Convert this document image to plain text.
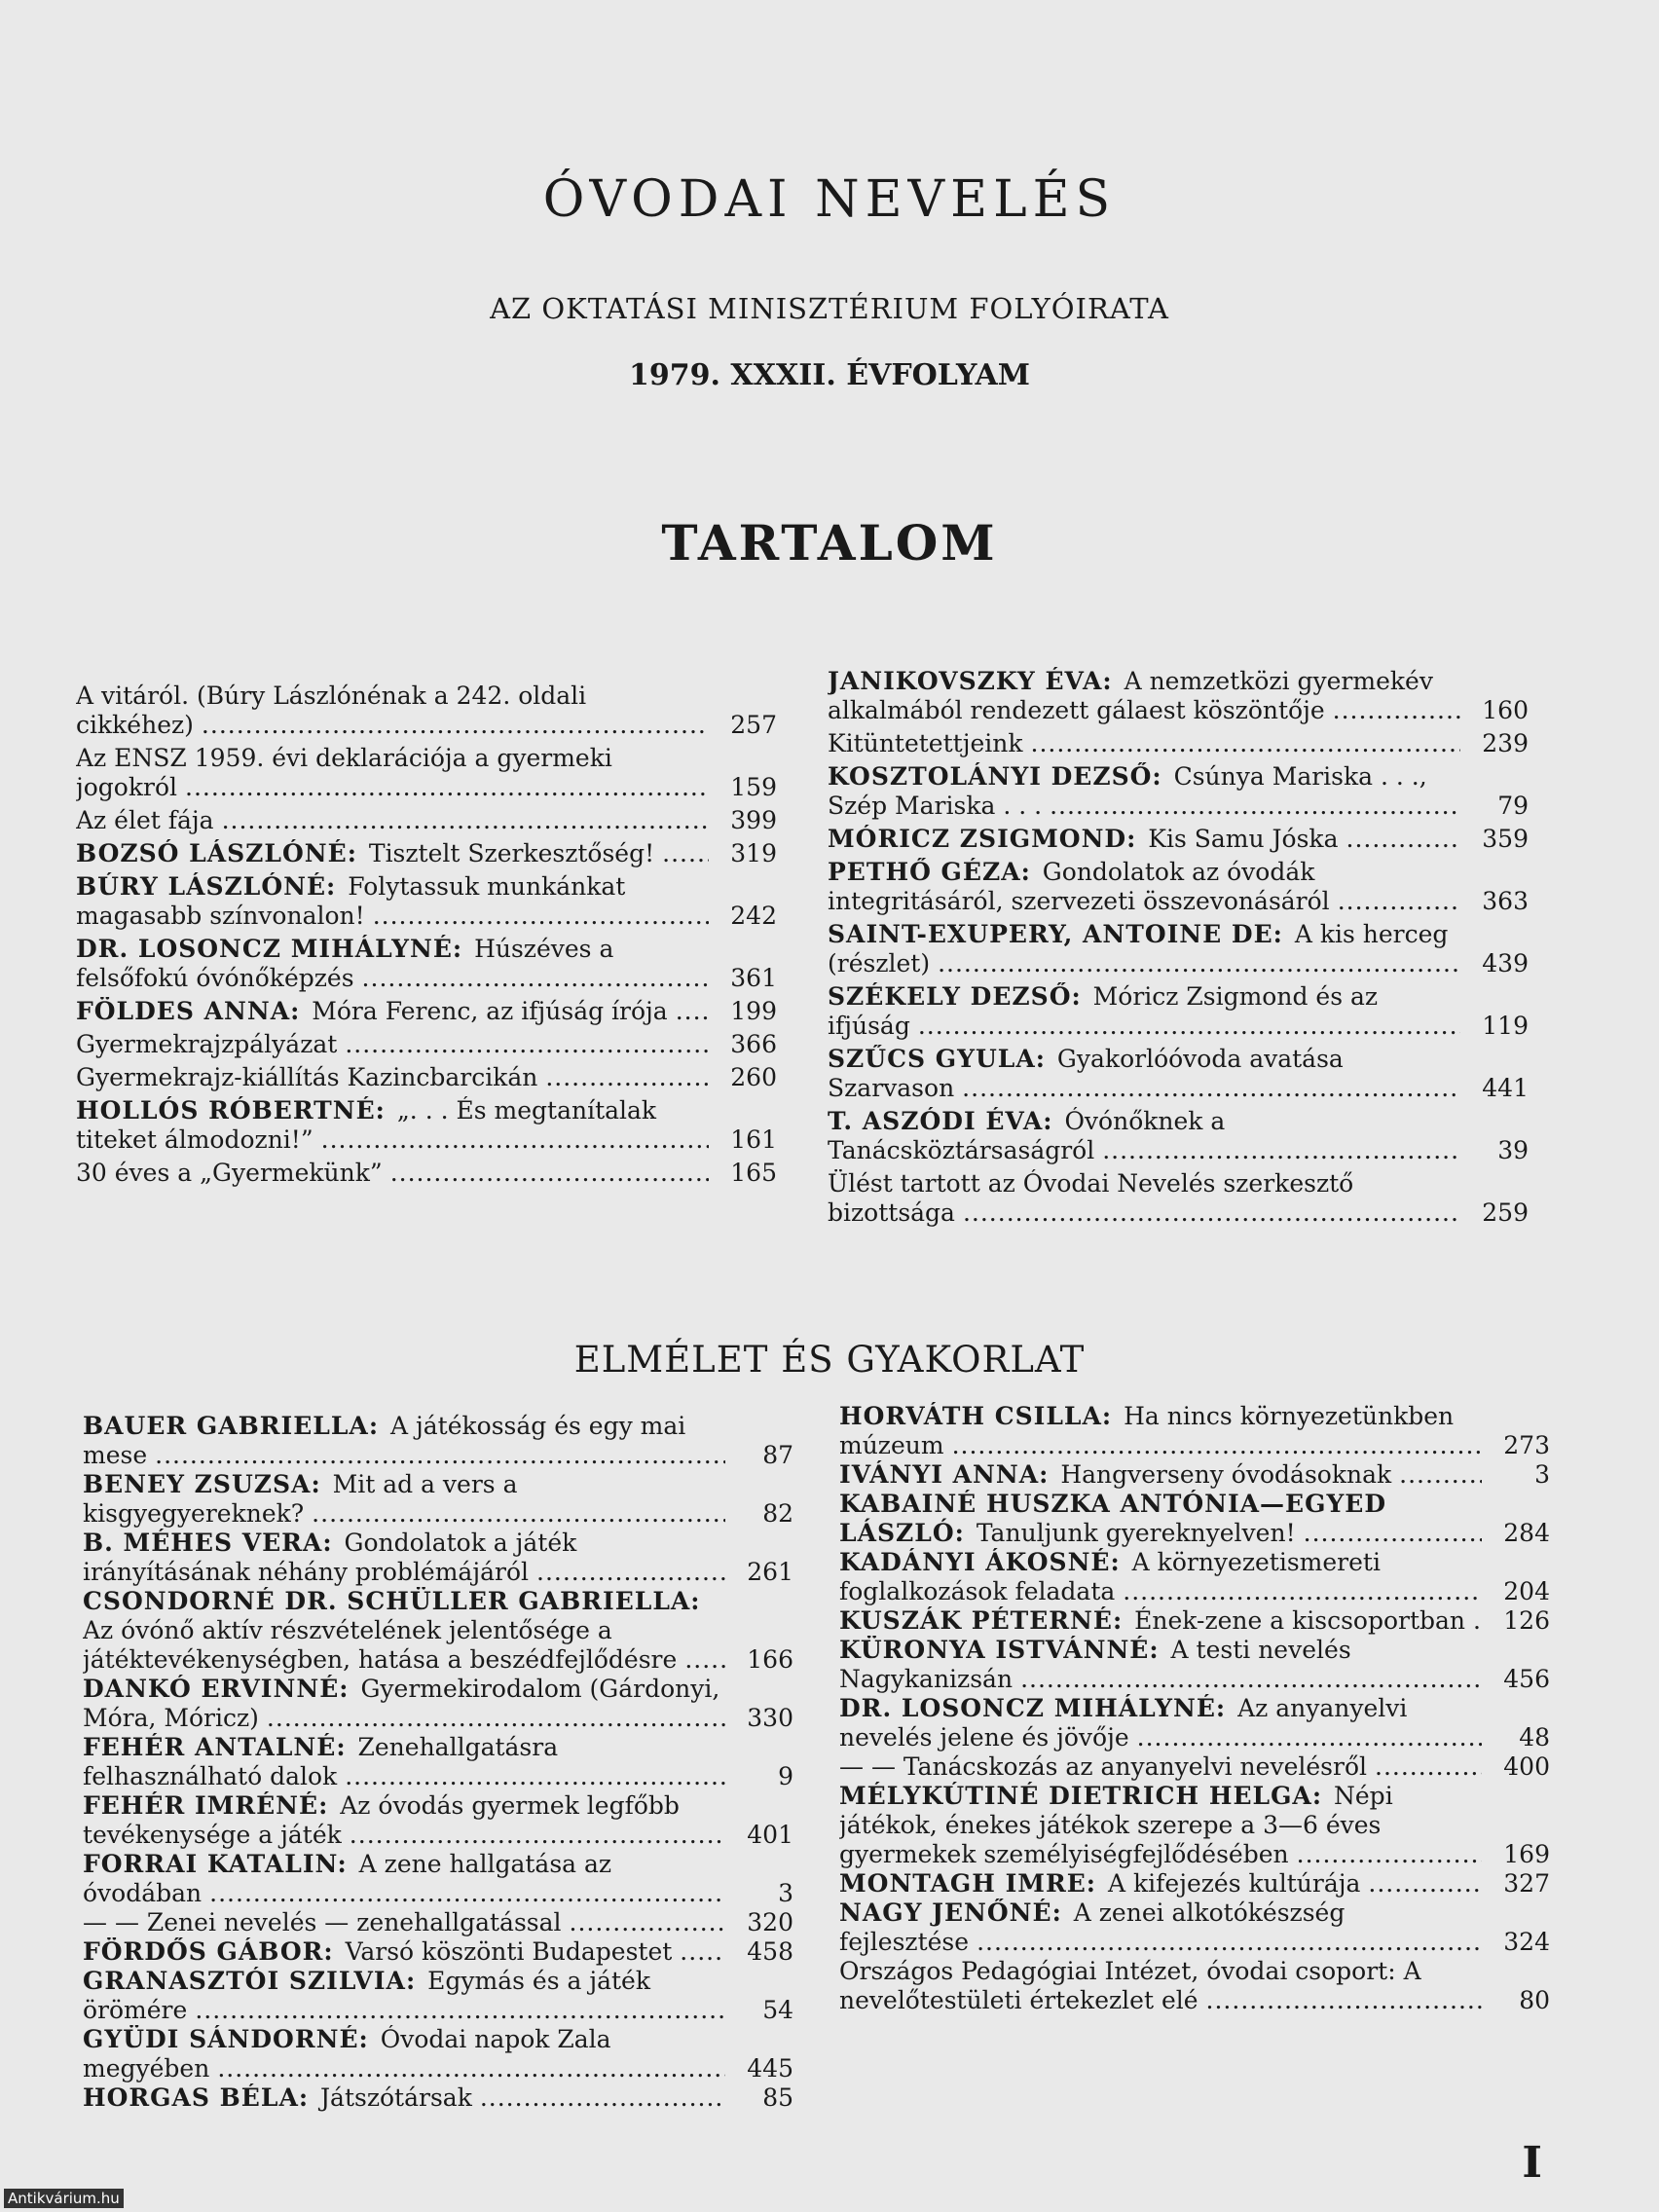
ÓVODAI NEVELÉS
AZ OKTATÁSI MINISZTÉRIUM FOLYÓIRATA
1979. XXXII. ÉVFOLYAM
TARTALOM
A vitáról. (Búry Lászlónénak a 242. oldali cikkéhez) .....	257
Az ENSZ 1959. évi deklarációja a gyermeki jogokról .....	159
Az élet fája .....	399
BOZSÓ LÁSZLÓNÉ: Tisztelt Szerkesztőség! .....	319
BÚRY LÁSZLÓNÉ: Folytassuk munkánkat magasabb színvonalon! .....	242
DR. LOSONCZ MIHÁLYNÉ: Húszéves a felsőfokú óvónőképzés .....	361
FÖLDES ANNA: Móra Ferenc, az ifjúság írója .....	199
Gyermekrajzpályázat .....	366
Gyermekrajz-kiállítás Kazincbarcikán .....	260
HOLLÓS RÓBERTNÉ: „. . . És megtanítalak titeket álmodozni!” .....	161
30 éves a „Gyermekünk” .....	165
JANIKOVSZKY ÉVA: A nemzetközi gyermekév alkalmából rendezett gálaest köszöntője .....	160
Kitüntetettjeink .....	239
KOSZTOLÁNYI DEZSŐ: Csúnya Mariska . . ., Szép Mariska . . . .....	79
MÓRICZ ZSIGMOND: Kis Samu Jóska .....	359
PETHŐ GÉZA: Gondolatok az óvodák integritásáról, szervezeti összevonásáról .....	363
SAINT-EXUPERY, ANTOINE DE: A kis herceg (részlet) .....	439
SZÉKELY DEZSŐ: Móricz Zsigmond és az ifjúság .....	119
SZŰCS GYULA: Gyakorlóóvoda avatása Szarvason .....	441
T. ASZÓDI ÉVA: Óvónőknek a Tanácsköztársaságról .....	39
Ülést tartott az Óvodai Nevelés szerkesztő bizottsága .....	259
ELMÉLET ÉS GYAKORLAT
BAUER GABRIELLA: A játékosság és egy mai mese .....	87
BENEY ZSUZSA: Mit ad a vers a kisgyegyereknek? .....	82
B. MÉHES VERA: Gondolatok a játék irányításának néhány problémájáról .....	261
CSONDORNÉ DR. SCHÜLLER GABRIELLA: Az óvónő aktív részvételének jelentősége a játéktevékenységben, hatása a beszédfejlődésre .....	166
DANKÓ ERVINNÉ: Gyermekirodalom (Gárdonyi, Móra, Móricz) .....	330
FEHÉR ANTALNÉ: Zenehallgatásra felhasználható dalok .....	9
FEHÉR IMRÉNÉ: Az óvodás gyermek legfőbb tevékenysége a játék .....	401
FORRAI KATALIN: A zene hallgatása az óvodában .....	3
— — Zenei nevelés — zenehallgatással .....	320
FÖRDŐS GÁBOR: Varsó köszönti Budapestet .....	458
GRANASZTÓI SZILVIA: Egymás és a játék örömére .....	54
GYÜDI SÁNDORNÉ: Óvodai napok Zala megyében .....	445
HORGAS BÉLA: Játszótársak .....	85
HORVÁTH CSILLA: Ha nincs környezetünkben múzeum .....	273
IVÁNYI ANNA: Hangverseny óvodásoknak .....	3
KABAINÉ HUSZKA ANTÓNIA—EGYED LÁSZLÓ: Tanuljunk gyereknyelven! .....	284
KADÁNYI ÁKOSNÉ: A környezetismereti foglalkozások feladata .....	204
KUSZÁK PÉTERNÉ: Ének-zene a kiscsoportban .....	126
KÜRONYA ISTVÁNNÉ: A testi nevelés Nagykanizsán .....	456
DR. LOSONCZ MIHÁLYNÉ: Az anyanyelvi nevelés jelene és jövője .....	48
— — Tanácskozás az anyanyelvi nevelésről .....	400
MÉLYKÚTINÉ DIETRICH HELGA: Népi játékok, énekes játékok szerepe a 3—6 éves gyermekek személyiségfejlődésében .....	169
MONTAGH IMRE: A kifejezés kultúrája .....	327
NAGY JENŐNÉ: A zenei alkotókészség fejlesztése .....	324
Országos Pedagógiai Intézet, óvodai csoport: A nevelőtestületi értekezlet elé .....	80
I
Antikvárium.hu
